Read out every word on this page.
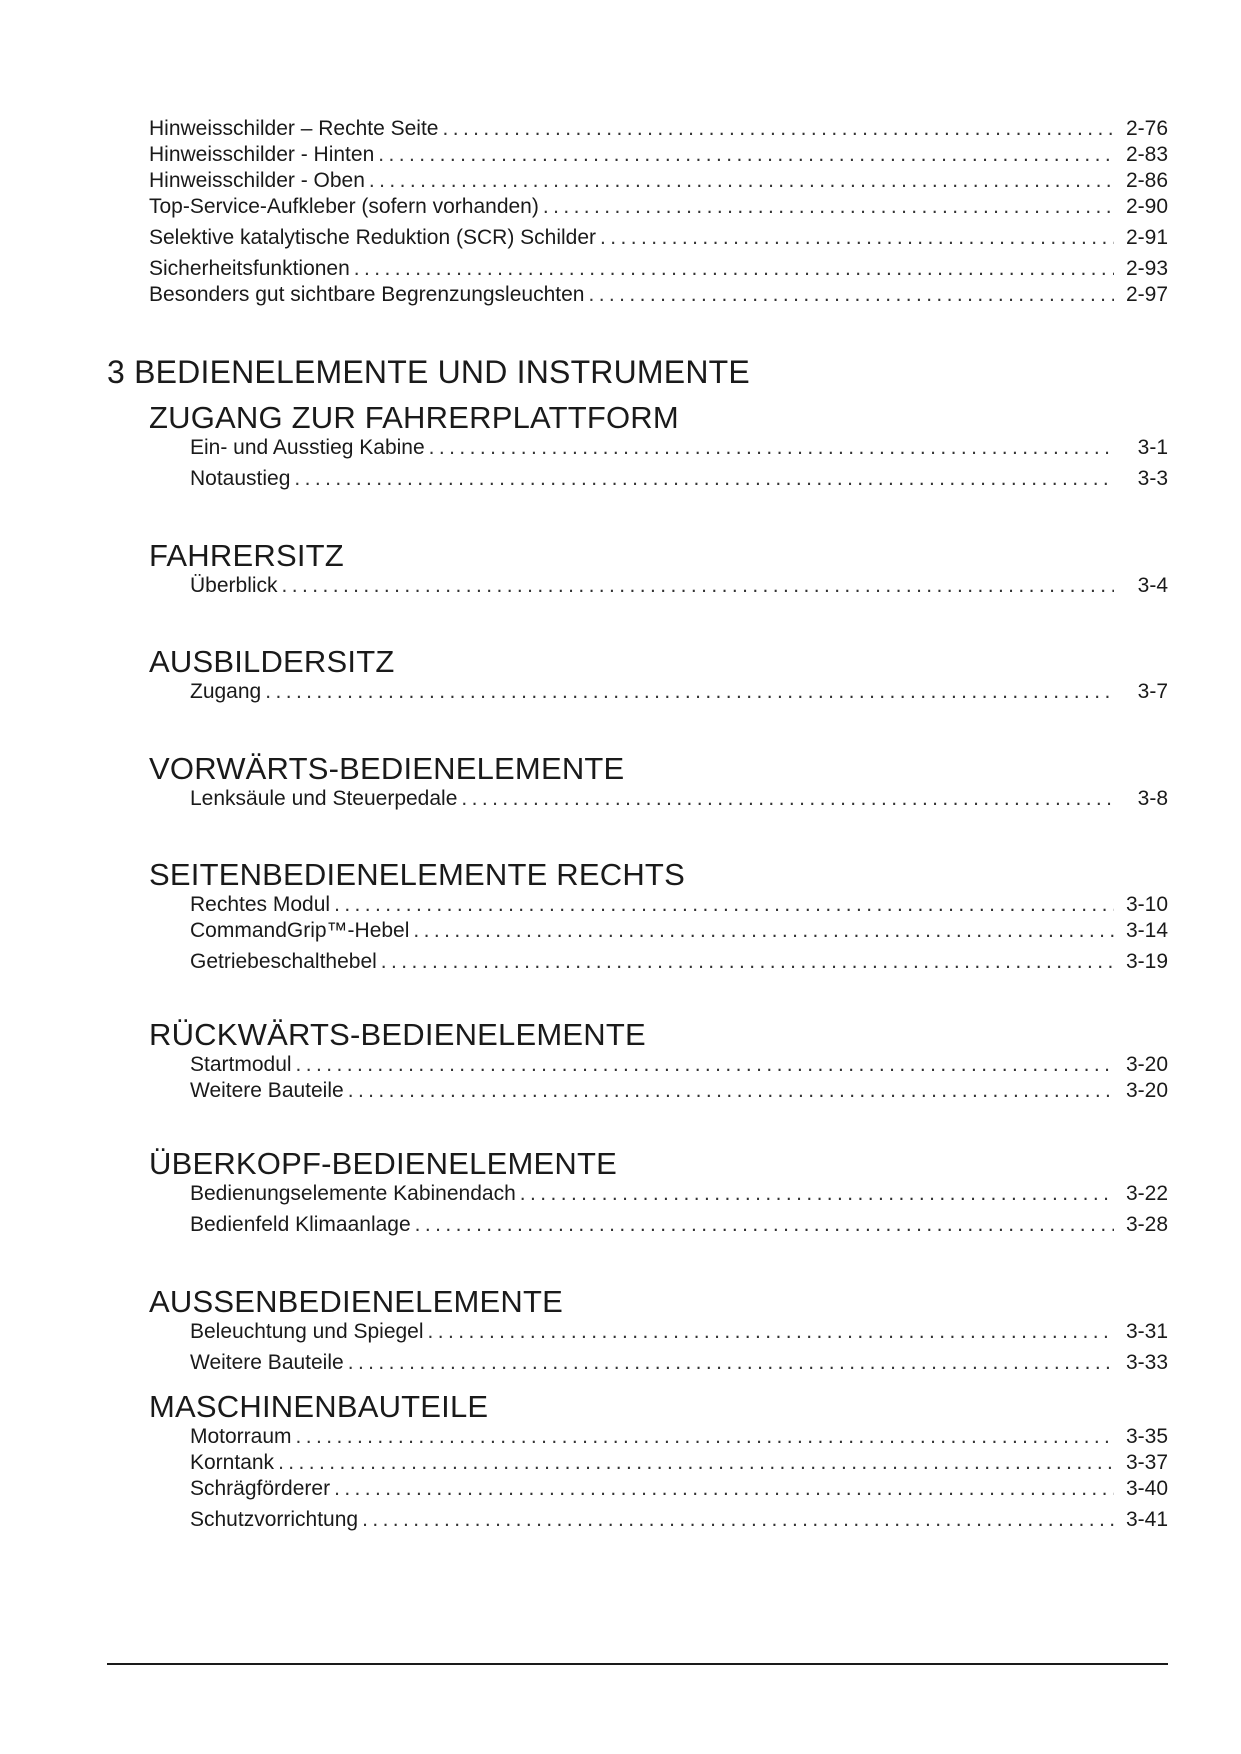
Hinweisschilder – Rechte Seite .....	2-76
Hinweisschilder - Hinten .....	2-83
Hinweisschilder - Oben .....	2-86
Top-Service-Aufkleber (sofern vorhanden) .....	2-90
Selektive katalytische Reduktion (SCR) Schilder .....	2-91
Sicherheitsfunktionen .....	2-93
Besonders gut sichtbare Begrenzungsleuchten .....	2-97
3 BEDIENELEMENTE UND INSTRUMENTE
ZUGANG ZUR FAHRERPLATTFORM
Ein- und Ausstieg Kabine .....	3-1
Notaustieg .....	3-3
FAHRERSITZ
Überblick .....	3-4
AUSBILDERSITZ
Zugang .....	3-7
VORWÄRTS-BEDIENELEMENTE
Lenksäule und Steuerpedale .....	3-8
SEITENBEDIENELEMENTE RECHTS
Rechtes Modul .....	3-10
CommandGrip™-Hebel .....	3-14
Getriebeschalthebel .....	3-19
RÜCKWÄRTS-BEDIENELEMENTE
Startmodul .....	3-20
Weitere Bauteile .....	3-20
ÜBERKOPF-BEDIENELEMENTE
Bedienungselemente Kabinendach .....	3-22
Bedienfeld Klimaanlage .....	3-28
AUSSENBEDIENELEMENTE
Beleuchtung und Spiegel .....	3-31
Weitere Bauteile .....	3-33
MASCHINENBAUTEILE
Motorraum .....	3-35
Korntank .....	3-37
Schrägförderer .....	3-40
Schutzvorrichtung .....	3-41
